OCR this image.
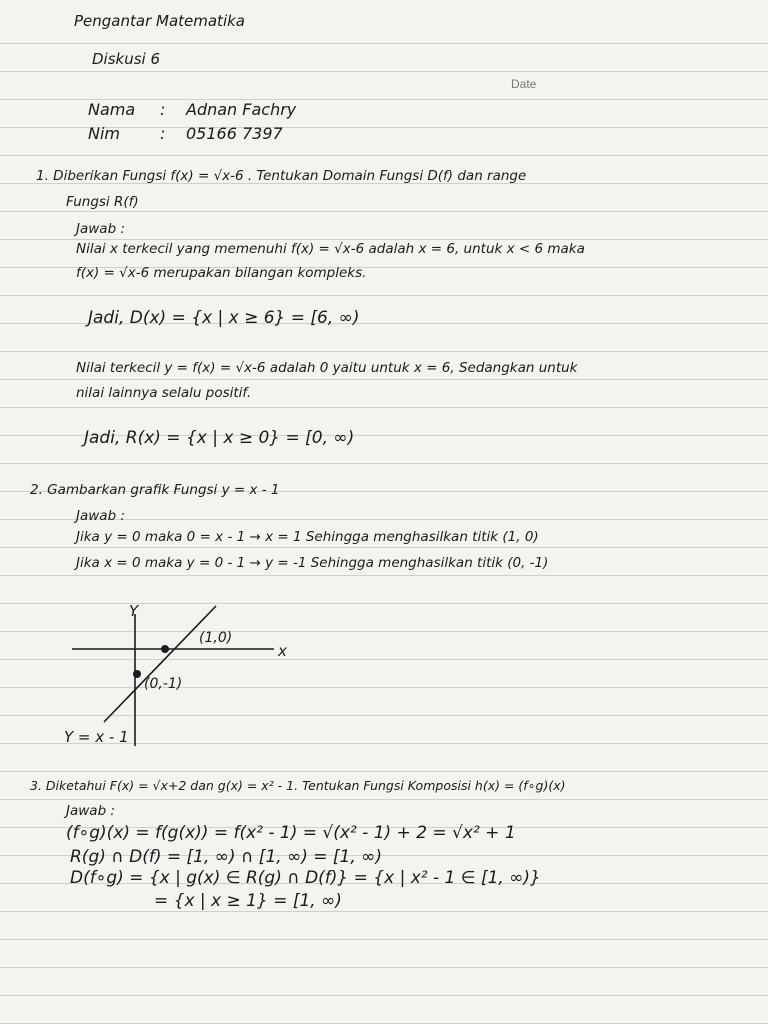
Pengantar Matematika
Diskusi 6
Date
Nama : Adnan Fachry
Nim	: 05166 7397
1. Diberikan Fungsi f(x) = √x-6 . Tentukan Domain Fungsi D(f) dan range
Fungsi R(f)
Jawab :
Nilai x terkecil yang memenuhi f(x) = √x-6 adalah x = 6, untuk x < 6 maka
f(x) = √x-6 merupakan bilangan kompleks.
Jadi, D(x) = {x | x ≥ 6} = [6, ∞)
Nilai terkecil y = f(x) = √x-6 adalah 0 yaitu untuk x = 6, Sedangkan untuk
nilai lainnya selalu positif.
Jadi, R(x) = {x | x ≥ 0} = [0, ∞)
2. Gambarkan grafik Fungsi y = x - 1
Jawab :
Jika y = 0 maka 0 = x - 1 → x = 1 Sehingga menghasilkan titik (1, 0)
Jika x = 0 maka y = 0 - 1 → y = -1 Sehingga menghasilkan titik (0, -1)
Y
x
(1,0)
(0,-1)
Y = x - 1
3. Diketahui F(x) = √x+2 dan g(x) = x² - 1. Tentukan Fungsi Komposisi h(x) = (f∘g)(x)
Jawab :
(f∘g)(x) = f(g(x)) = f(x² - 1) = √(x² - 1) + 2 = √x² + 1
R(g) ∩ D(f) = [1, ∞) ∩ [1, ∞) = [1, ∞)
D(f∘g) = {x | g(x) ∈ R(g) ∩ D(f)} = {x | x² - 1 ∈ [1, ∞)}
= {x | x ≥ 1} = [1, ∞)
